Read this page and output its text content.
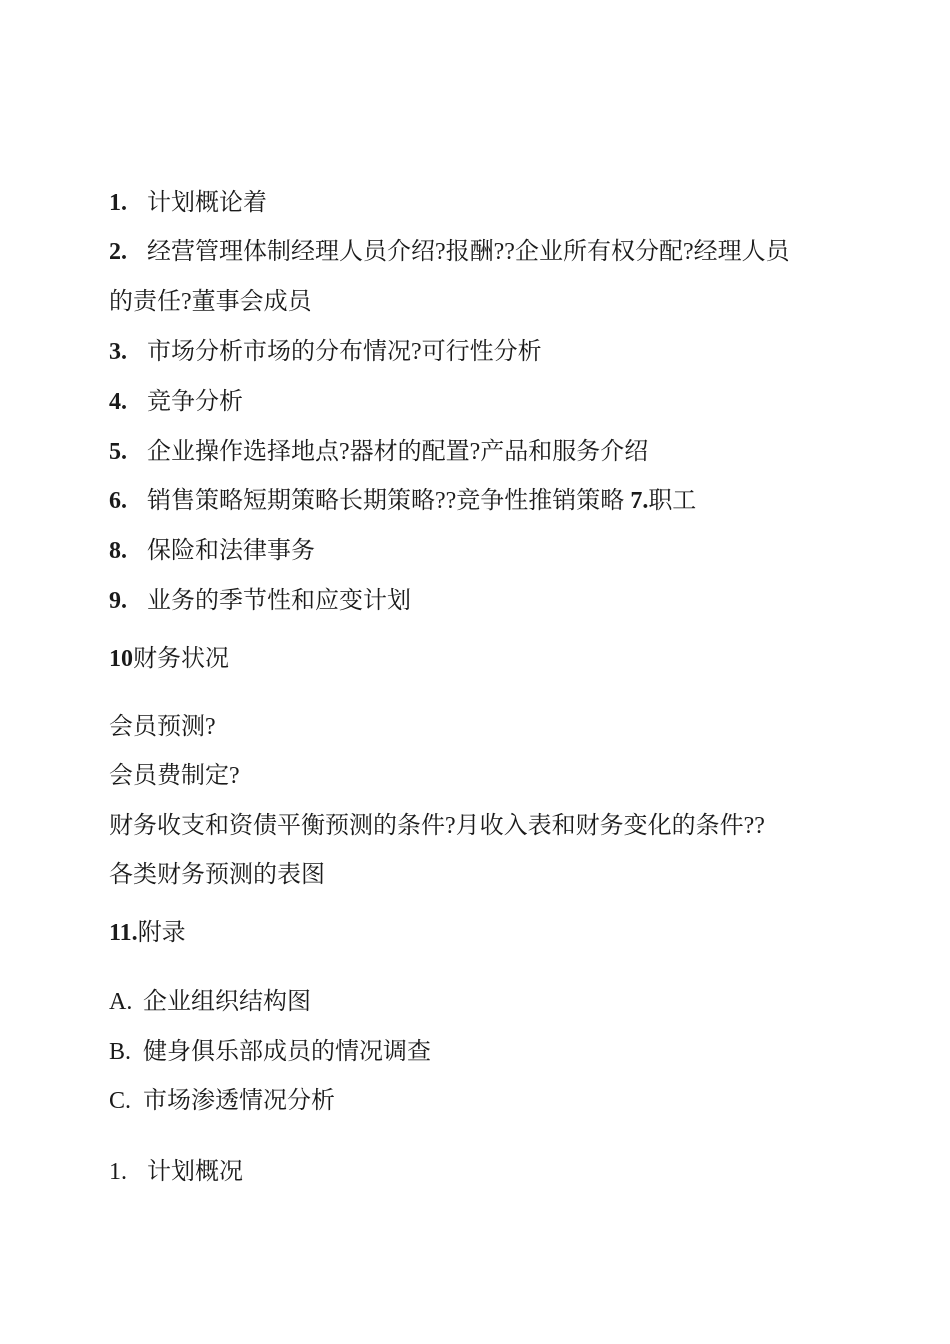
1. 计划概论着
2. 经营管理体制经理人员介绍?报酬??企业所有权分配?经理人员
的责任?董事会成员
3. 市场分析市场的分布情况?可行性分析
4. 竞争分析
5. 企业操作选择地点?器材的配置?产品和服务介绍
6. 销售策略短期策略长期策略??竞争性推销策略 7.职工
8. 保险和法律事务
9. 业务的季节性和应变计划
10财务状况
会员预测?
会员费制定?
财务收支和资债平衡预测的条件?月收入表和财务变化的条件??
各类财务预测的表图
11.附录
A. 企业组织结构图
B. 健身俱乐部成员的情况调查
C. 市场渗透情况分析
1. 计划概况
